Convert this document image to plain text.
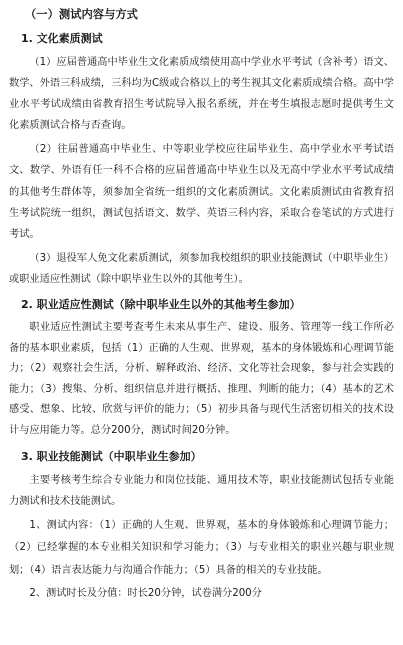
（一）测试内容与方式
1. 文化素质测试

（1）应届普通高中毕业生文化素质成绩使用高中学业水平考试（含补考）语文、数学、外语三科成绩，三科均为C级或合格以上的考生视其文化素质成绩合格。高中学业水平考试成绩由省教育招生考试院导入报名系统，并在考生填报志愿时提供考生文化素质测试合格与否查询。

（2）往届普通高中毕业生、中等职业学校应往届毕业生、高中学业水平考试语文、数学、外语有任一科不合格的应届普通高中毕业生以及无高中学业水平考试成绩的其他考生群体等，须参加全省统一组织的文化素质测试。文化素质测试由省教育招生考试院统一组织，测试包括语文、数学、英语三科内容，采取合卷笔试的方式进行考试。

（3）退役军人免文化素质测试，须参加我校组织的职业技能测试（中职毕业生）或职业适应性测试（除中职毕业生以外的其他考生）。

2. 职业适应性测试（除中职毕业生以外的其他考生参加）

职业适应性测试主要考查考生未来从事生产、建设、服务、管理等一线工作所必备的基本职业素质，包括（1）正确的人生观、世界观，基本的身体锻炼和心理调节能力；（2）观察社会生活，分析、解释政治、经济、文化等社会现象，参与社会实践的能力；（3）搜集、分析、组织信息并进行概括、推理、判断的能力；（4）基本的艺术感受、想象、比较、欣赏与评价的能力；（5）初步具备与现代生活密切相关的技术设计与应用能力等。总分200分，测试时间20分钟。

3. 职业技能测试（中职毕业生参加）

主要考核考生综合专业能力和岗位技能、通用技术等，职业技能测试包括专业能力测试和技术技能测试。

1、测试内容：（1）正确的人生观、世界观，基本的身体锻炼和心理调节能力；（2）已经掌握的本专业相关知识和学习能力；（3）与专业相关的职业兴趣与职业规划；（4）语言表达能力与沟通合作能力；（5）具备的相关的专业技能。

2、测试时长及分值：时长20分钟，试卷满分200分
